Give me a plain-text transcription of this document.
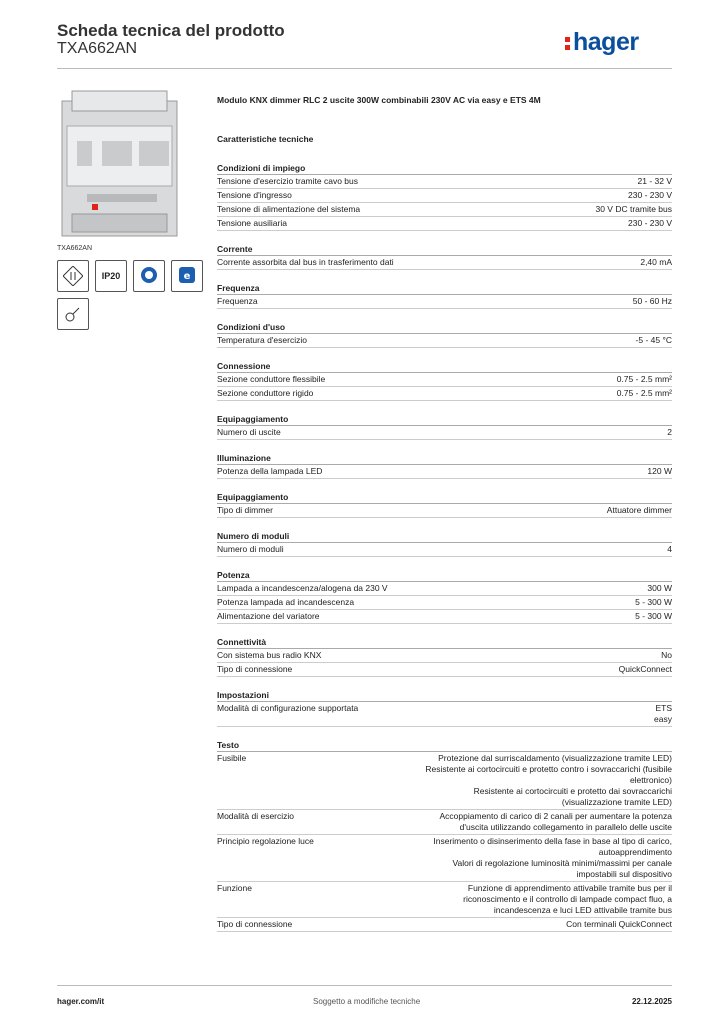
Scheda tecnica del prodotto
TXA662AN	hager
TXA662AN
IP20	e
Modulo KNX dimmer RLC 2 uscite 300W combinabili 230V AC via easy e ETS 4M
Caratteristiche tecniche
Condizioni di impiego
Tensione d'esercizio tramite cavo bus	21 - 32 V
Tensione d'ingresso	230 - 230 V
Tensione di alimentazione del sistema	30 V DC tramite bus
Tensione ausiliaria	230 - 230 V
Corrente
Corrente assorbita dal bus in trasferimento dati	2,40 mA
Frequenza
Frequenza	50 - 60 Hz
Condizioni d'uso
Temperatura d'esercizio	-5 - 45 °C
Connessione
Sezione conduttore flessibile	0.75 - 2.5 mm²
Sezione conduttore rigido	0.75 - 2.5 mm²
Equipaggiamento
Numero di uscite	2
Illuminazione
Potenza della lampada LED	120 W
Equipaggiamento
Tipo di dimmer	Attuatore dimmer
Numero di moduli
Numero di moduli	4
Potenza
Lampada a incandescenza/alogena da 230 V	300 W
Potenza lampada ad incandescenza	5 - 300 W
Alimentazione del variatore	5 - 300 W
Connettività
Con sistema bus radio KNX	No
Tipo di connessione	QuickConnect
Impostazioni
Modalità di configurazione supportata	ETS
easy
Testo
Fusibile	Protezione dal surriscaldamento (visualizzazione tramite LED)
Resistente ai cortocircuiti e protetto contro i sovraccarichi (fusibile elettronico)
Resistente ai cortocircuiti e protetto dai sovraccarichi (visualizzazione tramite LED)
Modalità di esercizio	Accoppiamento di carico di 2 canali per aumentare la potenza d'uscita utilizzando collegamento in parallelo delle uscite
Principio regolazione luce	Inserimento o disinserimento della fase in base al tipo di carico, autoapprendimento
Valori di regolazione luminosità minimi/massimi per canale impostabili sul dispositivo
Funzione	Funzione di apprendimento attivabile tramite bus per il riconoscimento e il controllo di lampade compact fluo, a incandescenza e luci LED attivabile tramite bus
Tipo di connessione	Con terminali QuickConnect
hager.com/it	Soggetto a modifiche tecniche	22.12.2025
